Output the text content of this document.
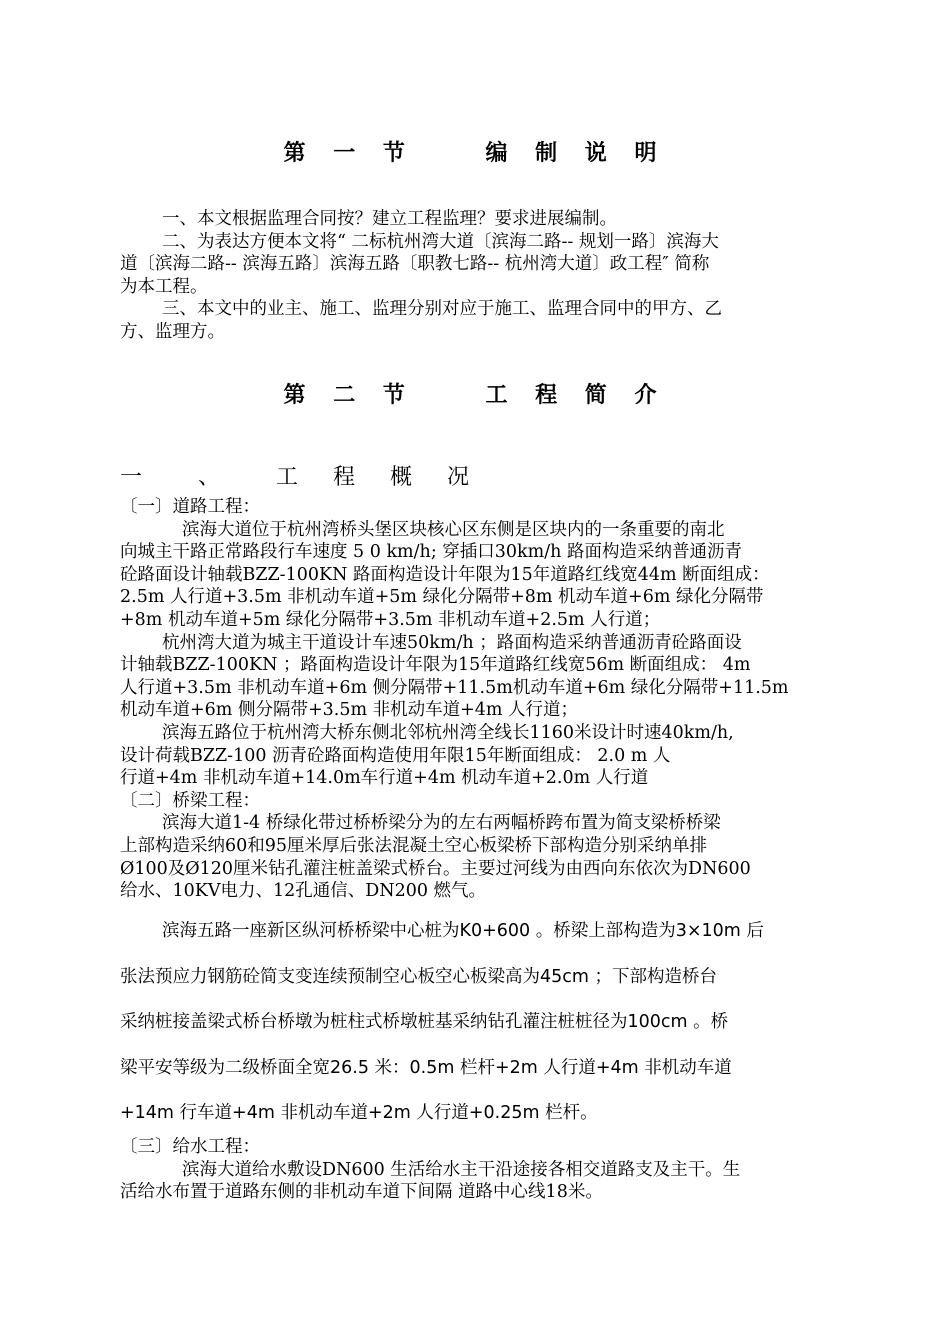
第 一 节    编 制 说 明
一、本文根据监理合同按？建立工程监理？要求进展编制。
二、为表达方便本文将“ 二标杭州湾大道〔滨海二路-- 规划一路〕滨海大
道〔滨海二路-- 滨海五路〕滨海五路〔职教七路-- 杭州湾大道〕政工程″ 简称
为本工程。
三、本文中的业主、施工、监理分别对应于施工、监理合同中的甲方、乙
方、监理方。
第 二 节    工 程 简 介
一  、  工 程 概 况
〔一〕道路工程：
滨海大道位于杭州湾桥头堡区块核心区东侧是区块内的一条重要的南北
向城主干路正常路段行车速度 5 0 km/h; 穿插口30km/h 路面构造采纳普通沥青
砼路面设计轴载BZZ-100KN 路面构造设计年限为15年道路红线宽44m 断面组成：
2.5m 人行道+3.5m 非机动车道+5m 绿化分隔带+8m 机动车道+6m 绿化分隔带
+8m 机动车道+5m 绿化分隔带+3.5m 非机动车道+2.5m 人行道；
杭州湾大道为城主干道设计车速50km/h ；路面构造采纳普通沥青砼路面设
计轴载BZZ-100KN ；路面构造设计年限为15年道路红线宽56m 断面组成： 4m
人行道+3.5m 非机动车道+6m 侧分隔带+11.5m机动车道+6m 绿化分隔带+11.5m
机动车道+6m 侧分隔带+3.5m 非机动车道+4m 人行道；
滨海五路位于杭州湾大桥东侧北邻杭州湾全线长1160米设计时速40km/h,
设计荷载BZZ-100 沥青砼路面构造使用年限15年断面组成： 2.0 m 人
行道+4m 非机动车道+14.0m车行道+4m 机动车道+2.0m 人行道
〔二〕桥梁工程：
滨海大道1-4 桥绿化带过桥桥梁分为的左右两幅桥跨布置为简支梁桥桥梁
上部构造采纳60和95厘米厚后张法混凝土空心板梁桥下部构造分别采纳单排
Ø100及Ø120厘米钻孔灌注桩盖梁式桥台。主要过河线为由西向东依次为DN600
给水、10KV电力、12孔通信、DN200 燃气。
滨海五路一座新区纵河桥桥梁中心桩为K0+600 。桥梁上部构造为3×10m 后
张法预应力钢筋砼简支变连续预制空心板空心板梁高为45cm ；下部构造桥台
采纳桩接盖梁式桥台桥墩为桩柱式桥墩桩基采纳钻孔灌注桩桩径为100cm 。桥
梁平安等级为二级桥面全宽26.5 米：0.5m 栏杆+2m 人行道+4m 非机动车道
+14m 行车道+4m 非机动车道+2m 人行道+0.25m 栏杆。
〔三〕给水工程：
滨海大道给水敷设DN600 生活给水主干沿途接各相交道路支及主干。生
活给水布置于道路东侧的非机动车道下间隔 道路中心线18米。
